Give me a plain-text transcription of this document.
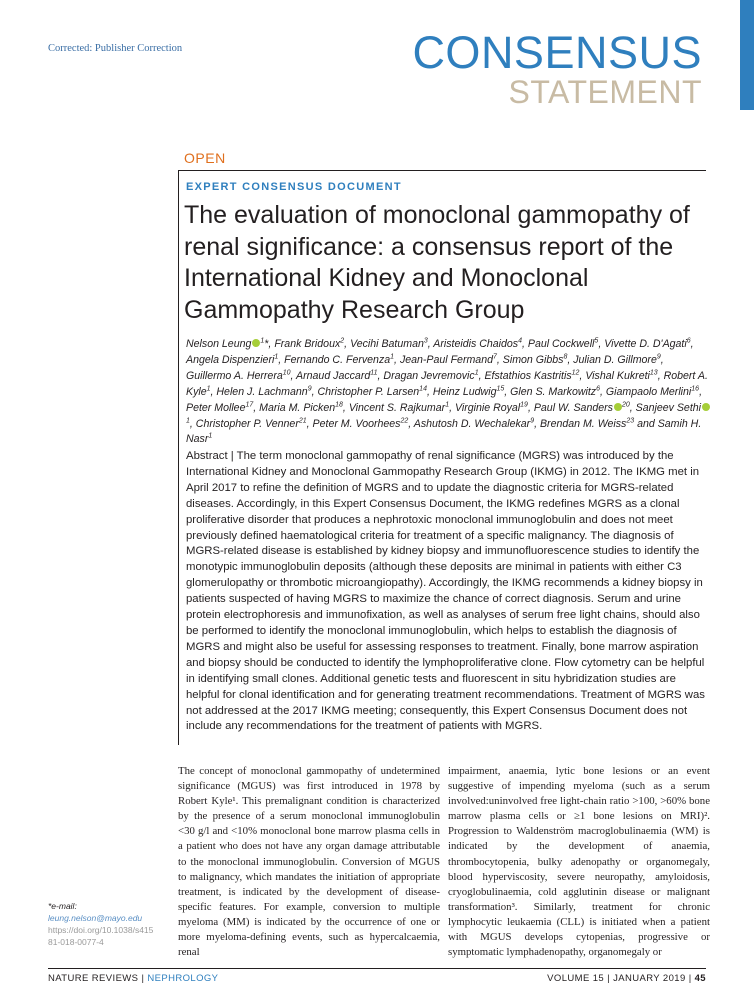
Corrected: Publisher Correction	CONSENSUS
STATEMENT
OPEN
EXPERT CONSENSUS DOCUMENT
The evaluation of monoclonal gammopathy of renal significance: a consensus report of the International Kidney and Monoclonal Gammopathy Research Group
Nelson Leung $^1$*, Frank Bridoux$^2$, Vecihi Batuman$^3$, Aristeidis Chaidos$^4$, Paul Cockwell$^5$, Vivette D. D'Agati$^6$, Angela Dispenzieri$^1$, Fernando C. Fervenza$^1$, Jean-Paul Fermand$^7$, Simon Gibbs$^8$, Julian D. Gillmore$^9$, Guillermo A. Herrera$^{10}$, Arnaud Jaccard$^{11}$, Dragan Jevremovic$^1$, Efstathios Kastritis$^{12}$, Vishal Kukreti$^{13}$, Robert A. Kyle$^1$, Helen J. Lachmann$^9$, Christopher P. Larsen$^{14}$, Heinz Ludwig$^{15}$, Glen S. Markowitz$^6$, Giampaolo Merlini$^{16}$, Peter Mollee$^{17}$, Maria M. Picken$^{18}$, Vincent S. Rajkumar$^1$, Virginie Royal$^{19}$, Paul W. Sanders $^{20}$, Sanjeev Sethi$^1$, Christopher P. Venner$^{21}$, Peter M. Voorhees$^{22}$, Ashutosh D. Wechalekar$^9$, Brendan M. Weiss$^{23}$ and Samih H. Nasr$^1$
Abstract | The term monoclonal gammopathy of renal significance (MGRS) was introduced by the International Kidney and Monoclonal Gammopathy Research Group (IKMG) in 2012. The IKMG met in April 2017 to refine the definition of MGRS and to update the diagnostic criteria for MGRS-related diseases. Accordingly, in this Expert Consensus Document, the IKMG redefines MGRS as a clonal proliferative disorder that produces a nephrotoxic monoclonal immunoglobulin and does not meet previously defined haematological criteria for treatment of a specific malignancy. The diagnosis of MGRS-related disease is established by kidney biopsy and immunofluorescence studies to identify the monotypic immunoglobulin deposits (although these deposits are minimal in patients with either C3 glomerulopathy or thrombotic microangiopathy). Accordingly, the IKMG recommends a kidney biopsy in patients suspected of having MGRS to maximize the chance of correct diagnosis. Serum and urine protein electrophoresis and immunofixation, as well as analyses of serum free light chains, should also be performed to identify the monoclonal immunoglobulin, which helps to establish the diagnosis of MGRS and might also be useful for assessing responses to treatment. Finally, bone marrow aspiration and biopsy should be conducted to identify the lymphoproliferative clone. Flow cytometry can be helpful in identifying small clones. Additional genetic tests and fluorescent in situ hybridization studies are helpful for clonal identification and for generating treatment recommendations. Treatment of MGRS was not addressed at the 2017 IKMG meeting; consequently, this Expert Consensus Document does not include any recommendations for the treatment of patients with MGRS.
The concept of monoclonal gammopathy of undetermined significance (MGUS) was first introduced in 1978 by Robert Kyle¹. This premalignant condition is characterized by the presence of a serum monoclonal immunoglobulin <30 g/l and <10% monoclonal bone marrow plasma cells in a patient who does not have any organ damage attributable to the monoclonal immunoglobulin. Conversion of MGUS to malignancy, which mandates the initiation of appropriate treatment, is indicated by the development of disease-specific features. For example, conversion to multiple myeloma (MM) is indicated by the occurrence of one or more myeloma-defining events, such as hypercalcaemia, renal
impairment, anaemia, lytic bone lesions or an event suggestive of impending myeloma (such as a serum involved:uninvolved free light-chain ratio >100, >60% bone marrow plasma cells or ≥1 bone lesions on MRI)². Progression to Waldenström macroglobulinaemia (WM) is indicated by the development of anaemia, thrombocytopenia, bulky adenopathy or organomegaly, blood hyperviscosity, severe neuropathy, amyloidosis, cryoglobulinaemia, cold agglutinin disease or malignant transformation³. Similarly, treatment for chronic lymphocytic leukaemia (CLL) is initiated when a patient with MGUS develops cytopenias, progressive or symptomatic lymphadenopathy, organomegaly or
*e-mail: leung.nelson@mayo.edu
https://doi.org/10.1038/s41581-018-0077-4
NATURE REVIEWS | NEPHROLOGY	VOLUME 15 | JANUARY 2019 | 45
